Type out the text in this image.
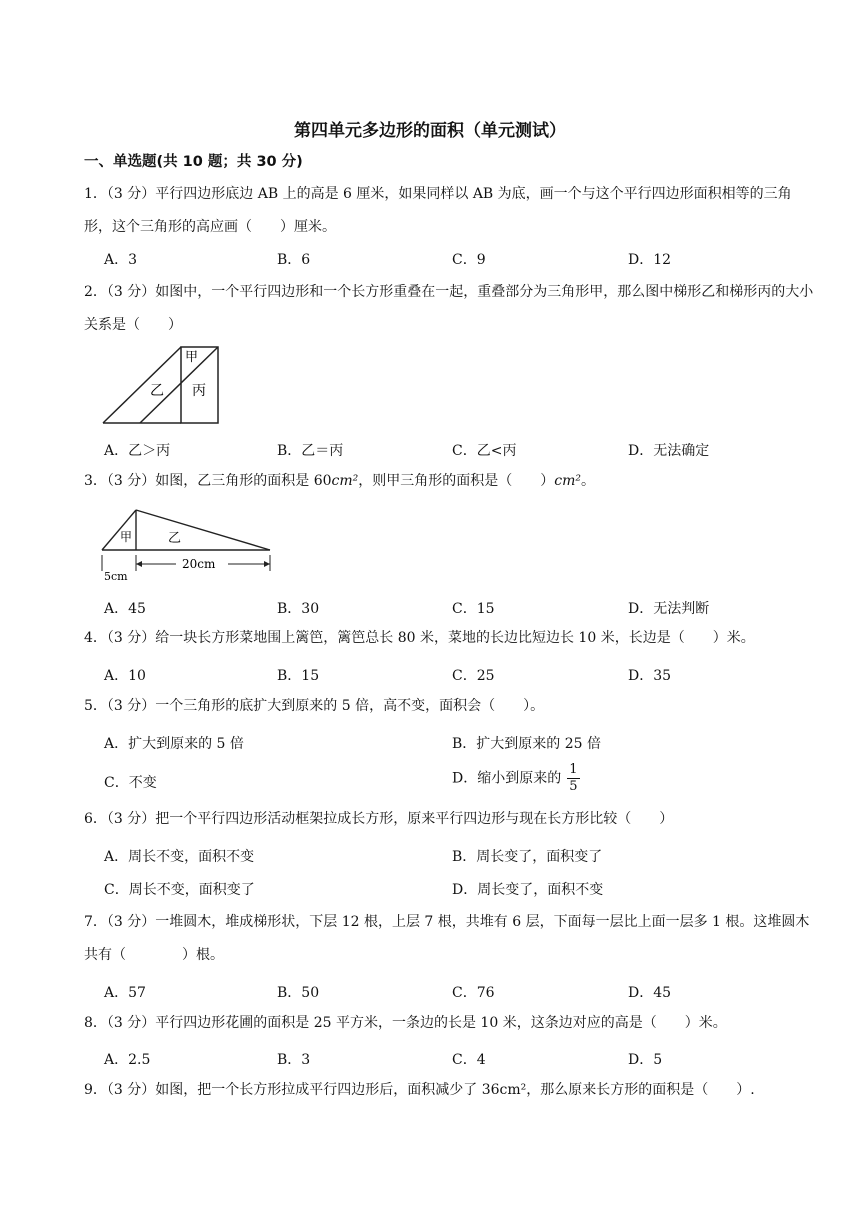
第四单元多边形的面积（单元测试）
一、单选题(共 10 题；共 30 分)
1．（3 分）平行四边形底边 AB 上的高是 6 厘米，如果同样以 AB 为底，画一个与这个平行四边形面积相等的三角形，这个三角形的高应画（　　）厘米。
A．3	B．6	C．9	D．12
2．（3 分）如图中，一个平行四边形和一个长方形重叠在一起，重叠部分为三角形甲，那么图中梯形乙和梯形丙的大小关系是（　　）
甲
乙 丙
A．乙＞丙	B．乙＝丙	C．乙<丙	D．无法确定
3．（3 分）如图，乙三角形的面积是 60cm²，则甲三角形的面积是（　　）cm²。
甲	乙
5cm
20cm
A．45	B．30	C．15	D．无法判断
4．（3 分）给一块长方形菜地围上篱笆，篱笆总长 80 米，菜地的长边比短边长 10 米，长边是（　　）米。
A．10	B．15	C．25	D．35
5．（3 分）一个三角形的底扩大到原来的 5 倍，高不变，面积会（　　）。
A．扩大到原来的 5 倍	B．扩大到原来的 25 倍
C．不变	D．缩小到原来的 $\frac{1}{5}$
6．（3 分）把一个平行四边形活动框架拉成长方形，原来平行四边形与现在长方形比较（　　）
A．周长不变，面积不变	B．周长变了，面积变了
C．周长不变，面积变了	D．周长变了，面积不变
7．（3 分）一堆圆木，堆成梯形状，下层 12 根，上层 7 根，共堆有 6 层，下面每一层比上面一层多 1 根。这堆圆木共有（　　　　）根。
A．57	B．50	C．76	D．45
8．（3 分）平行四边形花圃的面积是 25 平方米，一条边的长是 10 米，这条边对应的高是（　　）米。
A．2.5	B．3	C．4	D．5
9．（3 分）如图，把一个长方形拉成平行四边形后，面积减少了 36cm²，那么原来长方形的面积是（　　）.
